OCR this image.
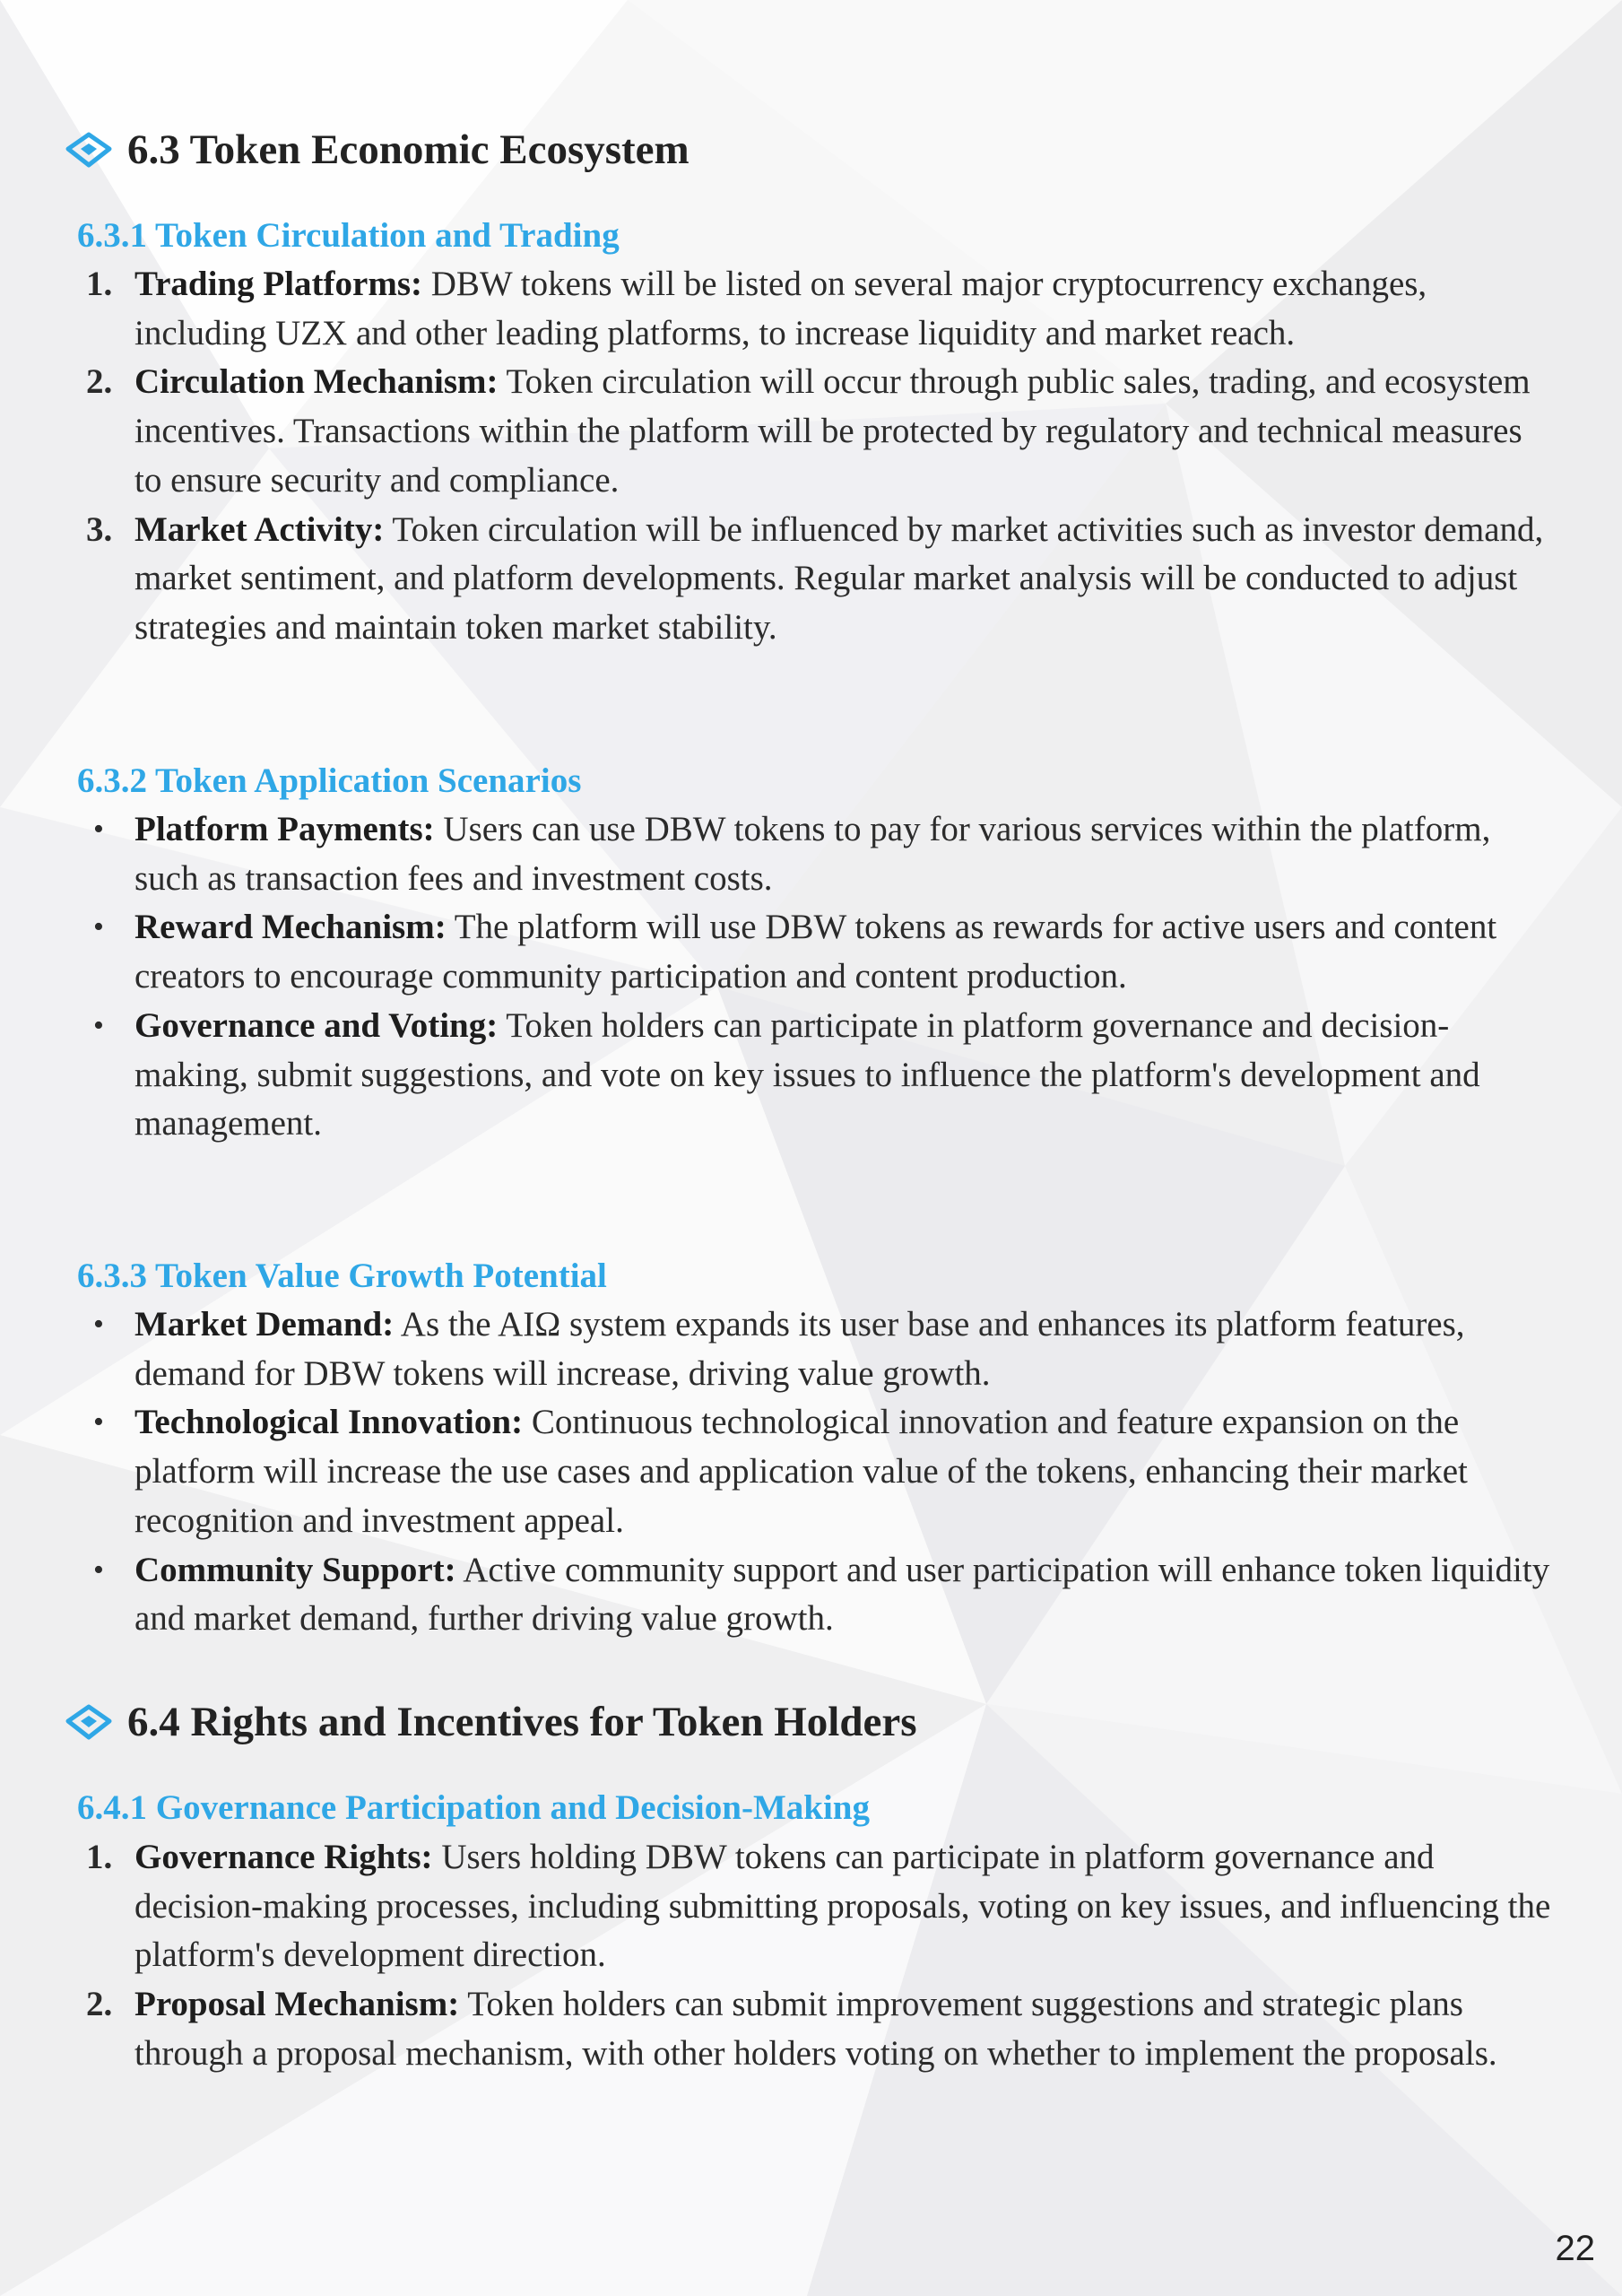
6.3 Token Economic Ecosystem
6.3.1 Token Circulation and Trading
1. Trading Platforms: DBW tokens will be listed on several major cryptocurrency exchanges, including UZX and other leading platforms, to increase liquidity and market reach.
2. Circulation Mechanism: Token circulation will occur through public sales, trading, and ecosystem incentives. Transactions within the platform will be protected by regulatory and technical measures to ensure security and compliance.
3. Market Activity: Token circulation will be influenced by market activities such as investor demand, market sentiment, and platform developments. Regular market analysis will be conducted to adjust strategies and maintain token market stability.
6.3.2 Token Application Scenarios
• Platform Payments: Users can use DBW tokens to pay for various services within the platform, such as transaction fees and investment costs.
• Reward Mechanism: The platform will use DBW tokens as rewards for active users and content creators to encourage community participation and content production.
• Governance and Voting: Token holders can participate in platform governance and decision-making, submit suggestions, and vote on key issues to influence the platform's development and management.
6.3.3 Token Value Growth Potential
• Market Demand: As the AIΩ system expands its user base and enhances its platform features, demand for DBW tokens will increase, driving value growth.
• Technological Innovation: Continuous technological innovation and feature expansion on the platform will increase the use cases and application value of the tokens, enhancing their market recognition and investment appeal.
• Community Support: Active community support and user participation will enhance token liquidity and market demand, further driving value growth.
6.4 Rights and Incentives for Token Holders
6.4.1 Governance Participation and Decision-Making
1. Governance Rights: Users holding DBW tokens can participate in platform governance and decision-making processes, including submitting proposals, voting on key issues, and influencing the platform's development direction.
2. Proposal Mechanism: Token holders can submit improvement suggestions and strategic plans through a proposal mechanism, with other holders voting on whether to implement the proposals.
22
